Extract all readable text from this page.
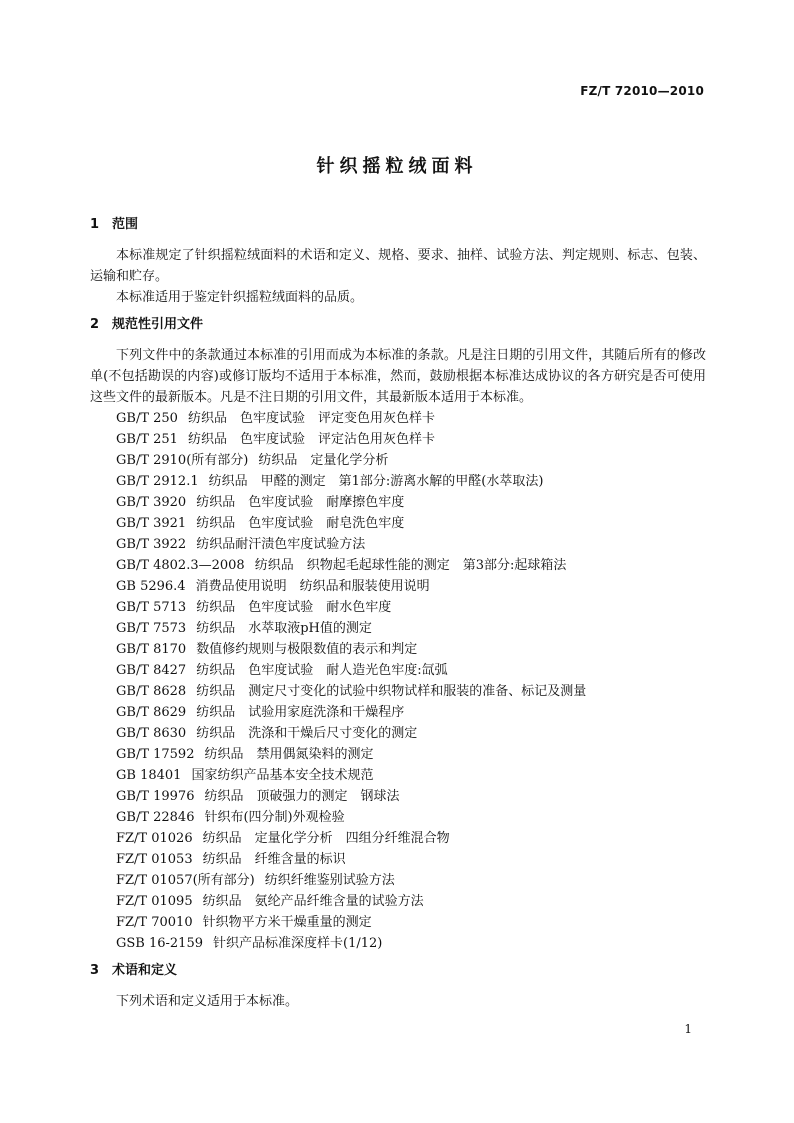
FZ/T 72010—2010
针织摇粒绒面料
1 范围

本标准规定了针织摇粒绒面料的术语和定义、规格、要求、抽样、试验方法、判定规则、标志、包装、运输和贮存。

本标准适用于鉴定针织摇粒绒面料的品质。

2 规范性引用文件

下列文件中的条款通过本标准的引用而成为本标准的条款。凡是注日期的引用文件，其随后所有的修改单(不包括勘误的内容)或修订版均不适用于本标准，然而，鼓励根据本标准达成协议的各方研究是否可使用这些文件的最新版本。凡是不注日期的引用文件，其最新版本适用于本标准。

GB/T 250 纺织品　色牢度试验　评定变色用灰色样卡
GB/T 251 纺织品　色牢度试验　评定沾色用灰色样卡
GB/T 2910(所有部分) 纺织品　定量化学分析
GB/T 2912.1 纺织品　甲醛的测定　第1部分:游离水解的甲醛(水萃取法)
GB/T 3920 纺织品　色牢度试验　耐摩擦色牢度
GB/T 3921 纺织品　色牢度试验　耐皂洗色牢度
GB/T 3922 纺织品耐汗渍色牢度试验方法
GB/T 4802.3—2008 纺织品　织物起毛起球性能的测定　第3部分:起球箱法
GB 5296.4 消费品使用说明　纺织品和服装使用说明
GB/T 5713 纺织品　色牢度试验　耐水色牢度
GB/T 7573 纺织品　水萃取液pH值的测定
GB/T 8170 数值修约规则与极限数值的表示和判定
GB/T 8427 纺织品　色牢度试验　耐人造光色牢度:氙弧
GB/T 8628 纺织品　测定尺寸变化的试验中织物试样和服装的准备、标记及测量
GB/T 8629 纺织品　试验用家庭洗涤和干燥程序
GB/T 8630 纺织品　洗涤和干燥后尺寸变化的测定
GB/T 17592 纺织品　禁用偶氮染料的测定
GB 18401 国家纺织产品基本安全技术规范
GB/T 19976 纺织品　顶破强力的测定　钢球法
GB/T 22846 针织布(四分制)外观检验
FZ/T 01026 纺织品　定量化学分析　四组分纤维混合物
FZ/T 01053 纺织品　纤维含量的标识
FZ/T 01057(所有部分) 纺织纤维鉴别试验方法
FZ/T 01095 纺织品　氨纶产品纤维含量的试验方法
FZ/T 70010 针织物平方米干燥重量的测定
GSB 16-2159 针织产品标准深度样卡(1/12)
3 术语和定义

下列术语和定义适用于本标准。

1
